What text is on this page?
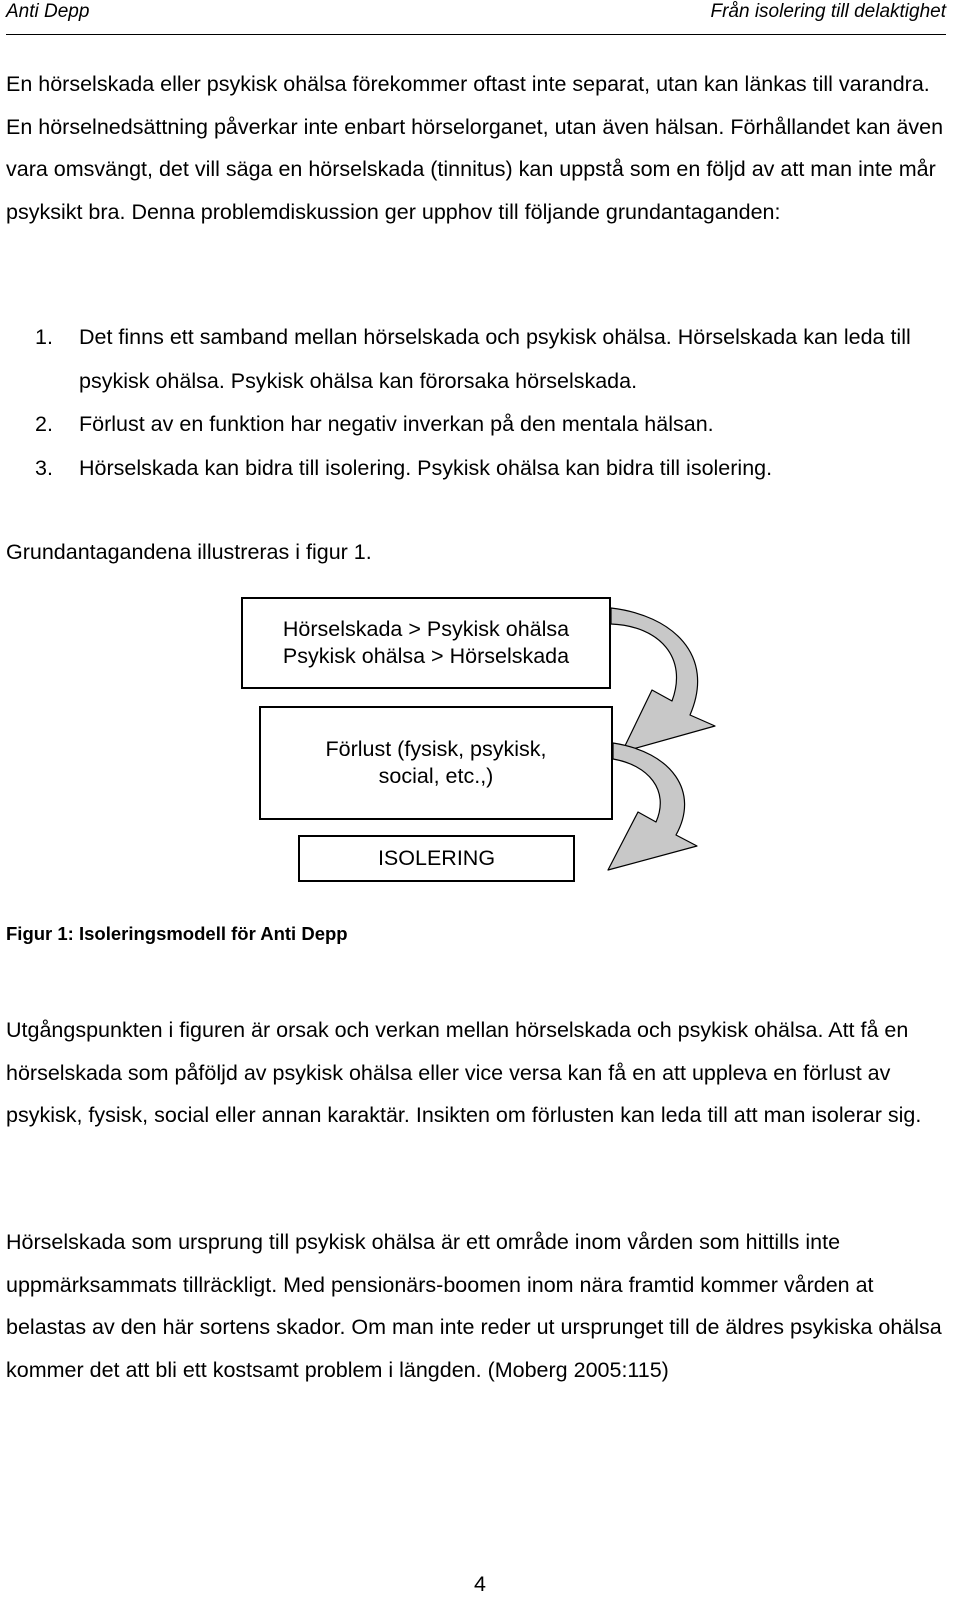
Anti Depp	Från isolering till delaktighet

En hörselskada eller psykisk ohälsa förekommer oftast inte separat, utan kan länkas till varandra. En hörselnedsättning påverkar inte enbart hörselorganet, utan även hälsan. Förhållandet kan även vara omsvängt, det vill säga en hörselskada (tinnitus) kan uppstå som en följd av att man inte mår psyksikt bra. Denna problemdiskussion ger upphov till följande grundantaganden:

1. Det finns ett samband mellan hörselskada och psykisk ohälsa. Hörselskada kan leda till psykisk ohälsa. Psykisk ohälsa kan förorsaka hörselskada.
2. Förlust av en funktion har negativ inverkan på den mentala hälsan.
3. Hörselskada kan bidra till isolering. Psykisk ohälsa kan bidra till isolering.

Grundantagandena illustreras i figur 1.

Hörselskada > Psykisk ohälsa
Psykisk ohälsa > Hörselskada
Förlust (fysisk, psykisk,
social, etc.,)
ISOLERING

Figur 1: Isoleringsmodell för Anti Depp

Utgångspunkten i figuren är orsak och verkan mellan hörselskada och psykisk ohälsa. Att få en hörselskada som påföljd av psykisk ohälsa eller vice versa kan få en att uppleva en förlust av psykisk, fysisk, social eller annan karaktär. Insikten om förlusten kan leda till att man isolerar sig.

Hörselskada som ursprung till psykisk ohälsa är ett område inom vården som hittills inte uppmärksammats tillräckligt. Med pensionärs-boomen inom nära framtid kommer vården at belastas av den här sortens skador. Om man inte reder ut ursprunget till de äldres psykiska ohälsa kommer det att bli ett kostsamt problem i längden. (Moberg 2005:115)

4
